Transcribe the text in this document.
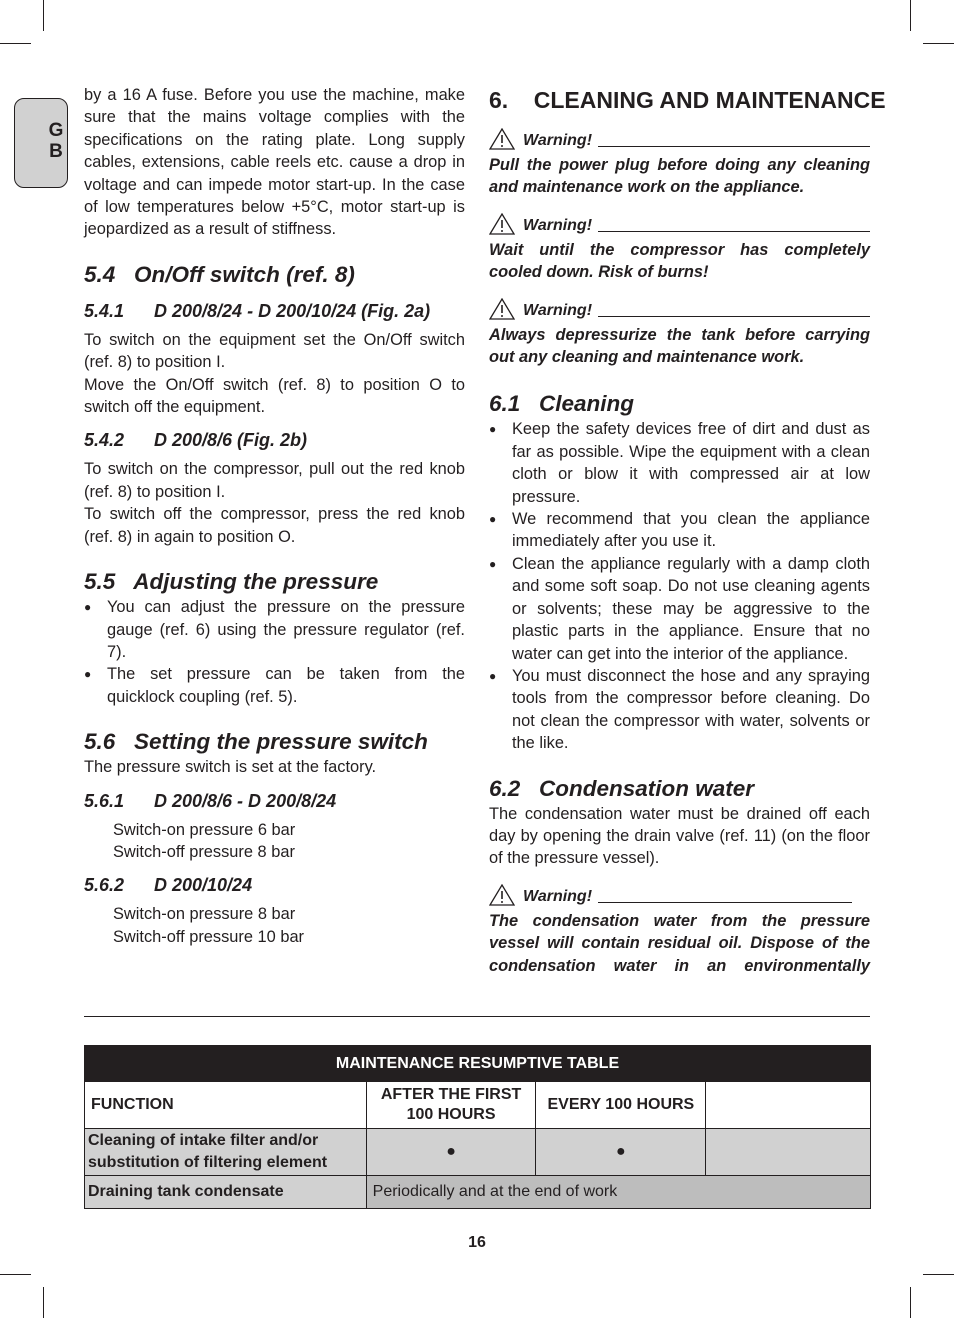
G
B

by a 16 A fuse. Before you use the machine, make sure that the mains voltage complies with the specifications on the rating plate. Long supply cables, extensions, cable reels etc. cause a drop in voltage and can impede motor start-up. In the case of low temperatures below +5°C, motor start-up is jeopardized as a result of stiffness.

5.4   On/Off switch (ref. 8)
5.4.1 D 200/8/24 - D 200/10/24 (Fig. 2a)

To switch on the equipment set the On/Off switch (ref. 8) to position I.

Move the On/Off switch (ref. 8) to position O to switch off the equipment.

5.4.2 D 200/8/6 (Fig. 2b)

To switch on the compressor, pull out the red knob (ref. 8) to position I.

To switch off the compressor, press the red knob (ref. 8) in again to position O.

5.5   Adjusting the pressure
● You can adjust the pressure on the pressure gauge (ref. 6) using the pressure regulator (ref. 7).
● The set pressure can be taken from the quicklock coupling (ref. 5).
5.6   Setting the pressure switch

The pressure switch is set at the factory.

5.6.1 D 200/8/6 - D 200/8/24

Switch-on pressure 6 bar

Switch-off pressure 8 bar

5.6.2 D 200/10/24

Switch-on pressure 8 bar

Switch-off pressure 10 bar

6.    CLEANING AND MAINTENANCE
Warning!
Pull the power plug before doing any cleaning and maintenance work on the appliance.
Warning!
Wait until the compressor has completely cooled down. Risk of burns!
Warning!
Always depressurize the tank before carrying out any cleaning and maintenance work.
6.1   Cleaning
● Keep the safety devices free of dirt and dust as far as possible. Wipe the equipment with a clean cloth or blow it with compressed air at low pressure.
● We recommend that you clean the appliance immediately after you use it.
● Clean the appliance regularly with a damp cloth and some soft soap. Do not use cleaning agents or solvents; these may be aggressive to the plastic parts in the appliance. Ensure that no water can get into the interior of the appliance.
● You must disconnect the hose and any spraying tools from the compressor before cleaning. Do not clean the compressor with water, solvents or the like.
6.2   Condensation water

The condensation water must be drained off each day by opening the drain valve (ref. 11) (on the floor of the pressure vessel).

Warning!
The condensation water from the pressure vessel will contain residual oil. Dispose of the condensation water in an environmentally
MAINTENANCE RESUMPTIVE TABLE			
FUNCTION	AFTER THE FIRST 100 HOURS	EVERY 100 HOURS	
Cleaning of intake filter and/or substitution of filtering element	●	●	
Draining tank condensate	Periodically and at the end of work		
16
